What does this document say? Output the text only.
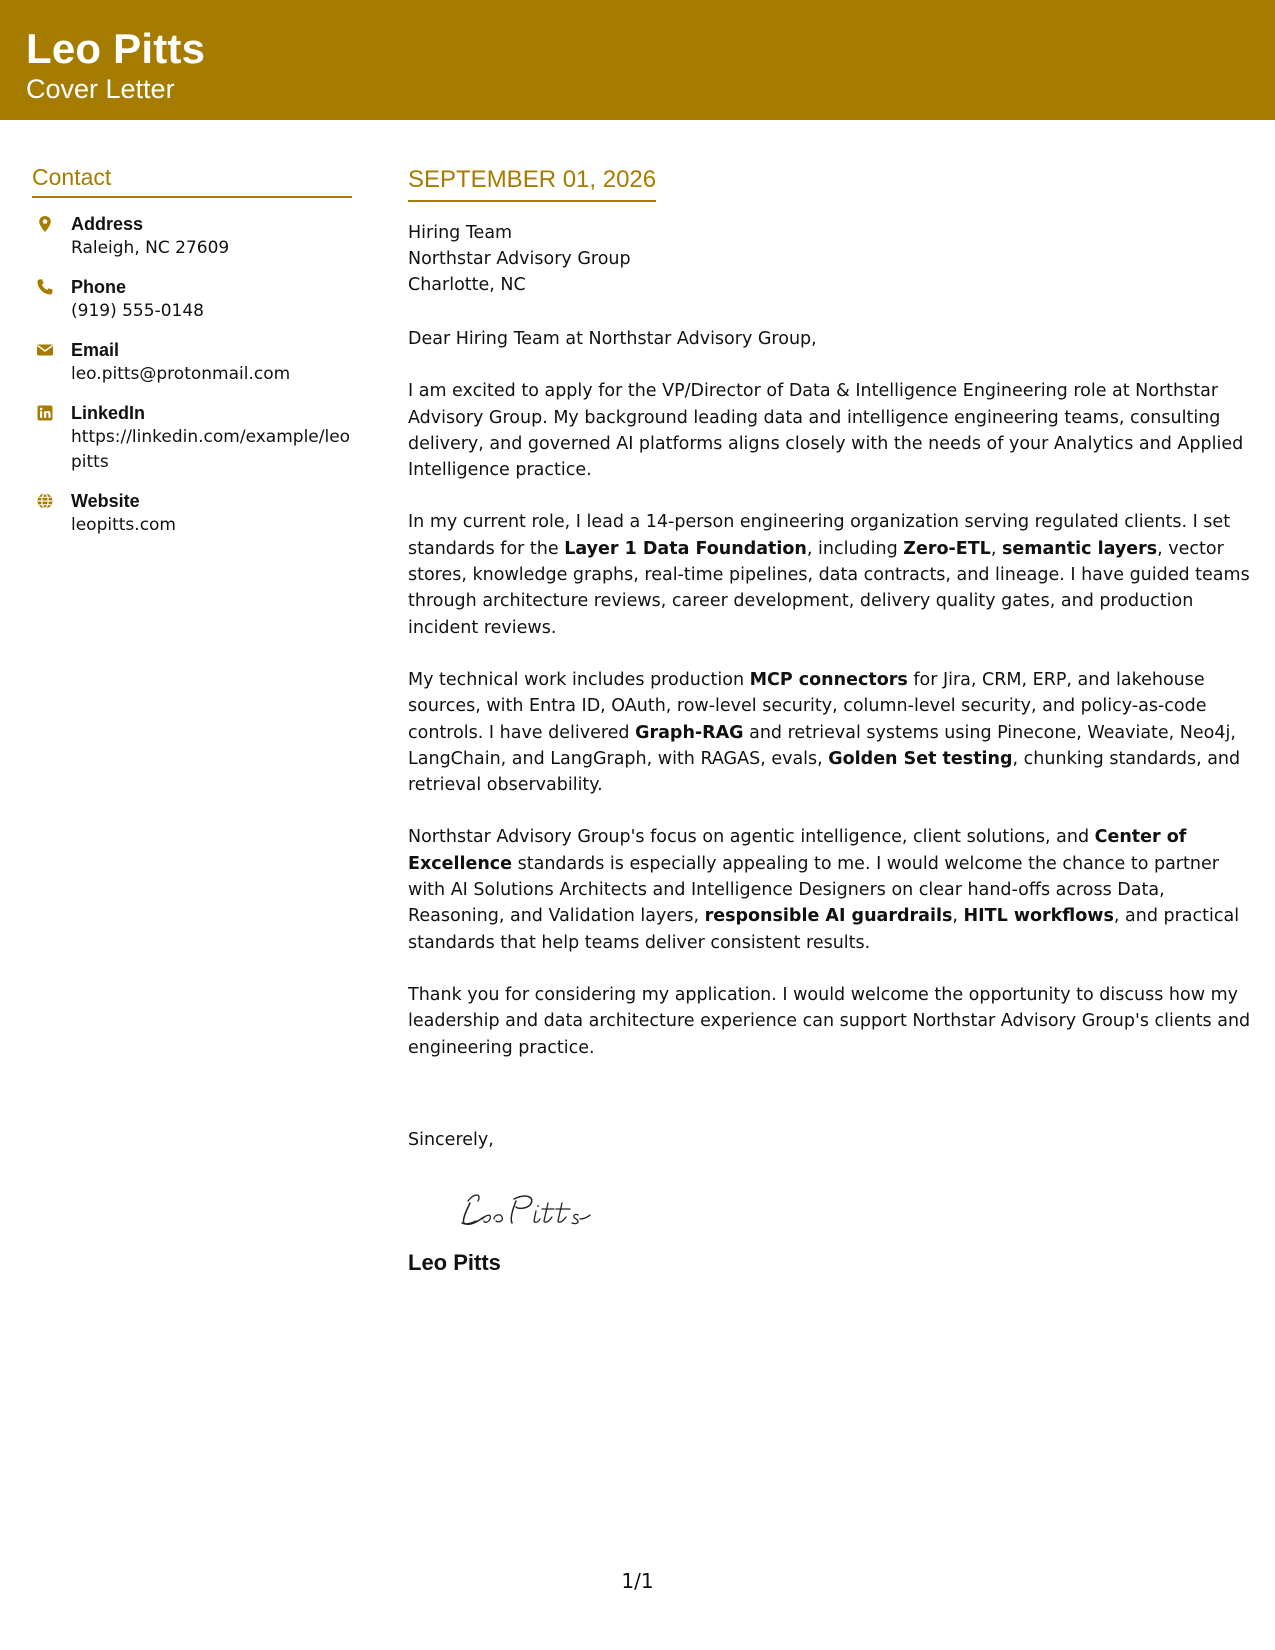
Leo Pitts
Cover Letter
Contact
Address
Raleigh, NC 27609
Phone
(919) 555-0148
Email
leo.pitts@protonmail.com
LinkedIn
https://linkedin.com/example/leopitts
Website
leopitts.com
SEPTEMBER 01, 2026
Hiring Team
Northstar Advisory Group
Charlotte, NC

Dear Hiring Team at Northstar Advisory Group,

I am excited to apply for the VP/Director of Data & Intelligence Engineering role at Northstar Advisory Group. My background leading data and intelligence engineering teams, consulting delivery, and governed AI platforms aligns closely with the needs of your Analytics and Applied Intelligence practice.

In my current role, I lead a 14-person engineering organization serving regulated clients. I set standards for the Layer 1 Data Foundation, including Zero-ETL, semantic layers, vector stores, knowledge graphs, real-time pipelines, data contracts, and lineage. I have guided teams through architecture reviews, career development, delivery quality gates, and production incident reviews.

My technical work includes production MCP connectors for Jira, CRM, ERP, and lakehouse sources, with Entra ID, OAuth, row-level security, column-level security, and policy-as-code controls. I have delivered Graph-RAG and retrieval systems using Pinecone, Weaviate, Neo4j, LangChain, and LangGraph, with RAGAS, evals, Golden Set testing, chunking standards, and retrieval observability.

Northstar Advisory Group's focus on agentic intelligence, client solutions, and Center of Excellence standards is especially appealing to me. I would welcome the chance to partner with AI Solutions Architects and Intelligence Designers on clear hand-offs across Data, Reasoning, and Validation layers, responsible AI guardrails, HITL workflows, and practical standards that help teams deliver consistent results.

Thank you for considering my application. I would welcome the opportunity to discuss how my leadership and data architecture experience can support Northstar Advisory Group's clients and engineering practice.

Sincerely,
Leo Pitts
1/1
